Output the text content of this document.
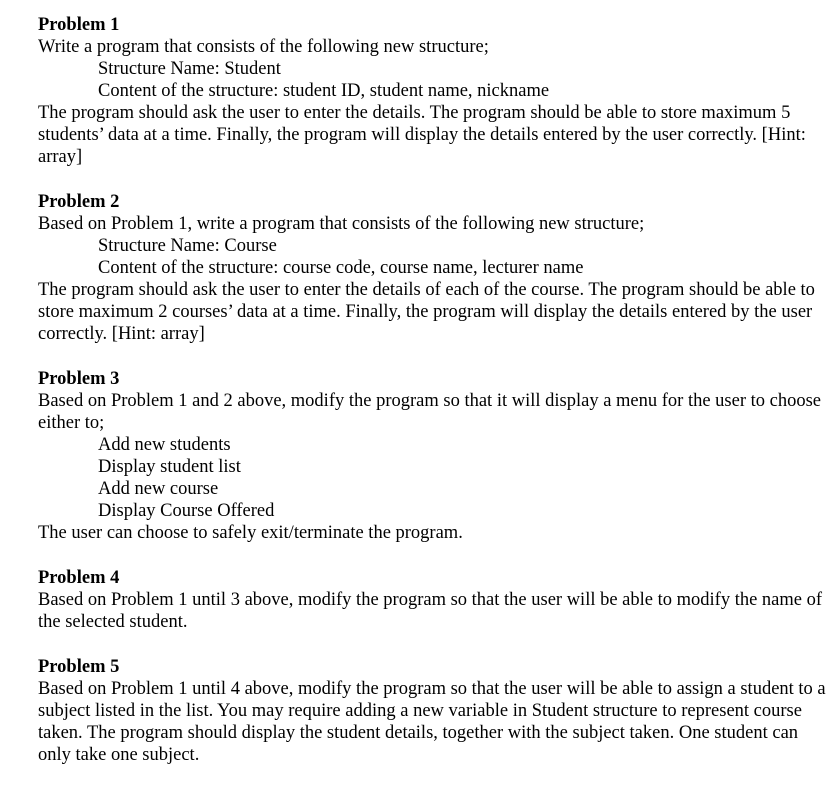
Problem 1
Write a program that consists of the following new structure;
Structure Name: Student
Content of the structure: student ID, student name, nickname
The program should ask the user to enter the details. The program should be able to store maximum 5 students’ data at a time. Finally, the program will display the details entered by the user correctly. [Hint: array]
Problem 2
Based on Problem 1, write a program that consists of the following new structure;
Structure Name: Course
Content of the structure: course code, course name, lecturer name
The program should ask the user to enter the details of each of the course. The program should be able to store maximum 2 courses’ data at a time. Finally, the program will display the details entered by the user correctly. [Hint: array]
Problem 3
Based on Problem 1 and 2 above, modify the program so that it will display a menu for the user to choose either to;
Add new students
Display student list
Add new course
Display Course Offered
The user can choose to safely exit/terminate the program.
Problem 4
Based on Problem 1 until 3 above, modify the program so that the user will be able to modify the name of the selected student.
Problem 5
Based on Problem 1 until 4 above, modify the program so that the user will be able to assign a student to a subject listed in the list. You may require adding a new variable in Student structure to represent course taken. The program should display the student details, together with the subject taken. One student can only take one subject.
